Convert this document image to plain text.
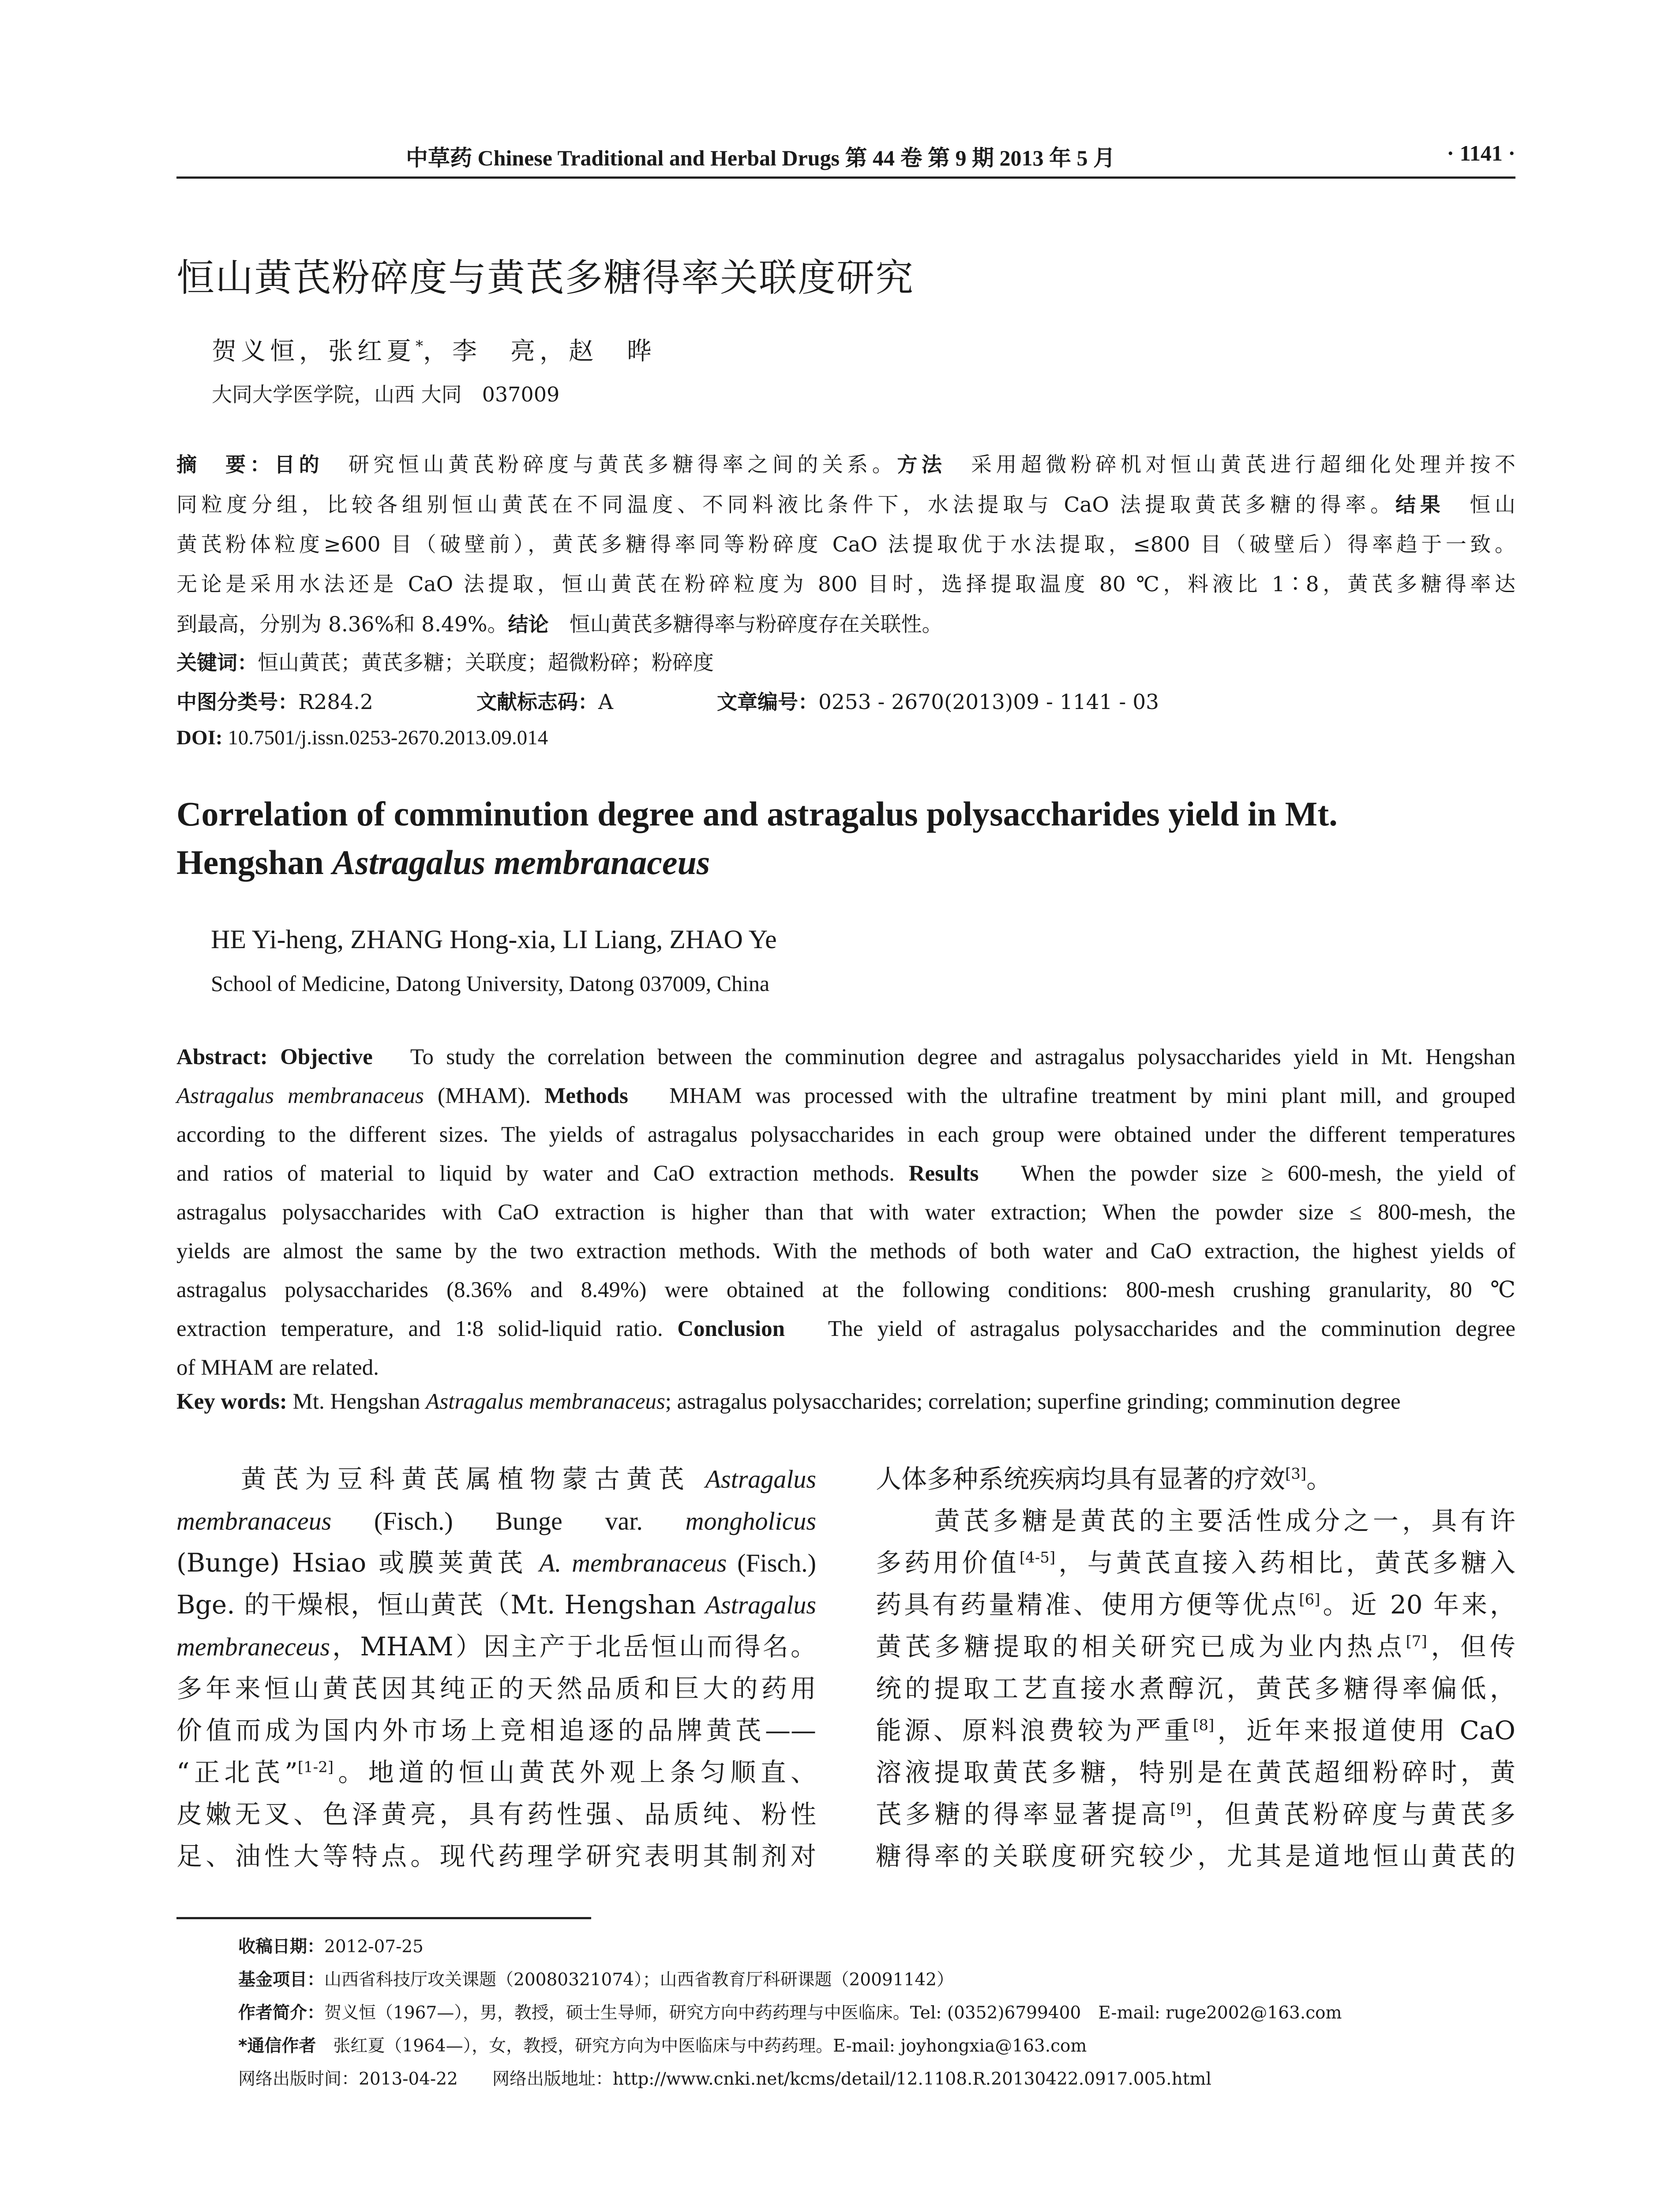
中草药 Chinese Traditional and Herbal Drugs 第 44 卷 第 9 期 2013 年 5 月	· 1141 ·
恒山黄芪粉碎度与黄芪多糖得率关联度研究
贺义恒，张红夏*，李　亮，赵　晔
大同大学医学院，山西 大同　037009
摘　要：目的　 研究恒山黄芪粉碎度与黄芪多糖得率之间的关系。方法　 采用超微粉碎机对恒山黄芪进行超细化处理并按不
同粒度分组，比较各组别恒山黄芪在不同温度、不同料液比条件下，水法提取与 CaO 法提取黄芪多糖的得率。结果　 恒山
黄芪粉体粒度≥600 目（破壁前），黄芪多糖得率同等粉碎度 CaO 法提取优于水法提取，≤800 目（破壁后）得率趋于一致。
无论是采用水法还是 CaO 法提取，恒山黄芪在粉碎粒度为 800 目时，选择提取温度 80 ℃，料液比 1∶8，黄芪多糖得率达
到最高，分别为 8.36%和 8.49%。结论　 恒山黄芪多糖得率与粉碎度存在关联性。
关键词：恒山黄芪；黄芪多糖；关联度；超微粉碎；粉碎度
中图分类号：R284.2	文献标志码：A	文章编号：0253 - 2670(2013)09 - 1141 - 03
DOI: 10.7501/j.issn.0253-2670.2013.09.014
Correlation of comminution degree and astragalus polysaccharides yield in Mt.
Hengshan Astragalus membranaceus
HE Yi-heng, ZHANG Hong-xia, LI Liang, ZHAO Ye
School of Medicine, Datong University, Datong 037009, China
Abstract: Objective To study the correlation between the comminution degree and astragalus polysaccharides yield in Mt. Hengshan
Astragalus membranaceus (MHAM). Methods MHAM was processed with the ultrafine treatment by mini plant mill, and grouped
according to the different sizes. The yields of astragalus polysaccharides in each group were obtained under the different temperatures
and ratios of material to liquid by water and CaO extraction methods. Results When the powder size ≥ 600-mesh, the yield of
astragalus polysaccharides with CaO extraction is higher than that with water extraction; When the powder size ≤ 800-mesh, the
yields are almost the same by the two extraction methods. With the methods of both water and CaO extraction, the highest yields of
astragalus polysaccharides (8.36% and 8.49%) were obtained at the following conditions: 800-mesh crushing granularity, 80 ℃
extraction temperature, and 1∶8 solid-liquid ratio. Conclusion The yield of astragalus polysaccharides and the comminution degree
of MHAM are related.
Key words: Mt. Hengshan Astragalus membranaceus; astragalus polysaccharides; correlation; superfine grinding; comminution degree
　　黄芪为豆科黄芪属植物蒙古黄芪 Astragalus
membranaceus (Fisch.) Bunge var. mongholicus
(Bunge) Hsiao 或膜荚黄芪 A. membranaceus (Fisch.)
Bge. 的干燥根，恒山黄芪（Mt. Hengshan Astragalus
membraneceus，MHAM）因主产于北岳恒山而得名。
多年来恒山黄芪因其纯正的天然品质和巨大的药用
价值而成为国内外市场上竞相追逐的品牌黄芪——
“正北芪”[1-2]。地道的恒山黄芪外观上条匀顺直、
皮嫩无叉、色泽黄亮，具有药性强、品质纯、粉性
足、油性大等特点。现代药理学研究表明其制剂对
人体多种系统疾病均具有显著的疗效[3]。
　　黄芪多糖是黄芪的主要活性成分之一，具有许
多药用价值[4-5]，与黄芪直接入药相比，黄芪多糖入
药具有药量精准、使用方便等优点[6]。近 20 年来，
黄芪多糖提取的相关研究已成为业内热点[7]，但传
统的提取工艺直接水煮醇沉，黄芪多糖得率偏低，
能源、原料浪费较为严重[8]，近年来报道使用 CaO
溶液提取黄芪多糖，特别是在黄芪超细粉碎时，黄
芪多糖的得率显著提高[9]，但黄芪粉碎度与黄芪多
糖得率的关联度研究较少，尤其是道地恒山黄芪的
收稿日期：2012-07-25
基金项目：山西省科技厅攻关课题（20080321074）；山西省教育厅科研课题（20091142）
作者简介：贺义恒（1967—），男，教授，硕士生导师，研究方向中药药理与中医临床。Tel: (0352)6799400　E-mail: ruge2002@163.com
*通信作者　张红夏（1964—），女，教授，研究方向为中医临床与中药药理。E-mail: joyhongxia@163.com
网络出版时间：2013-04-22　　网络出版地址：http://www.cnki.net/kcms/detail/12.1108.R.20130422.0917.005.html
